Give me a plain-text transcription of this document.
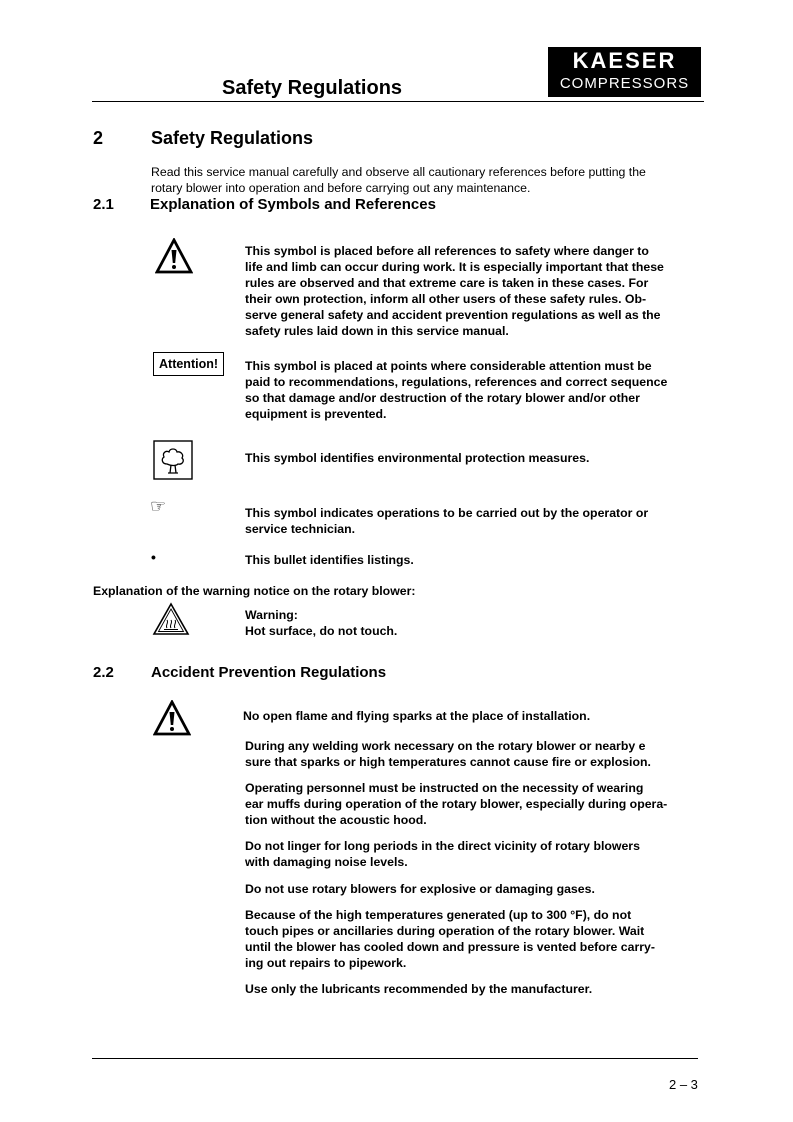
Safety Regulations
KAESER
COMPRESSORS
2	Safety Regulations
Read this service manual carefully and observe all cautionary references before putting the
rotary blower into operation and before carrying out any maintenance.
2.1 Explanation of Symbols and References
This symbol is placed before all references to safety where danger to
life and limb can occur during work. It is especially important that these
rules are observed and that extreme care is taken in these cases. For
their own protection, inform all other users of these safety rules. Ob-
serve general safety and accident prevention regulations as well as the
safety rules laid down in this service manual.
Attention!	This symbol is placed at points where considerable attention must be
paid to recommendations, regulations, references and correct sequence
so that damage and/or destruction of the rotary blower and/or other
equipment is prevented.
This symbol identifies environmental protection measures.
☞	This symbol indicates operations to be carried out by the operator or
service technician.
•	This bullet identifies listings.
Explanation of the warning notice on the rotary blower:
Warning:
Hot surface, do not touch.
2.2 Accident Prevention Regulations
No open flame and flying sparks at the place of installation.
During any welding work necessary on the rotary blower or nearby e
sure that sparks or high temperatures cannot cause fire or explosion.
Operating personnel must be instructed on the necessity of wearing
ear muffs during operation of the rotary blower, especially during opera-
tion without the acoustic hood.
Do not linger for long periods in the direct vicinity of rotary blowers
with damaging noise levels.
Do not use rotary blowers for explosive or damaging gases.
Because of the high temperatures generated (up to 300 °F), do not
touch pipes or ancillaries during operation of the rotary blower. Wait
until the blower has cooled down and pressure is vented before carry-
ing out repairs to pipework.
Use only the lubricants recommended by the manufacturer.
2 – 3
